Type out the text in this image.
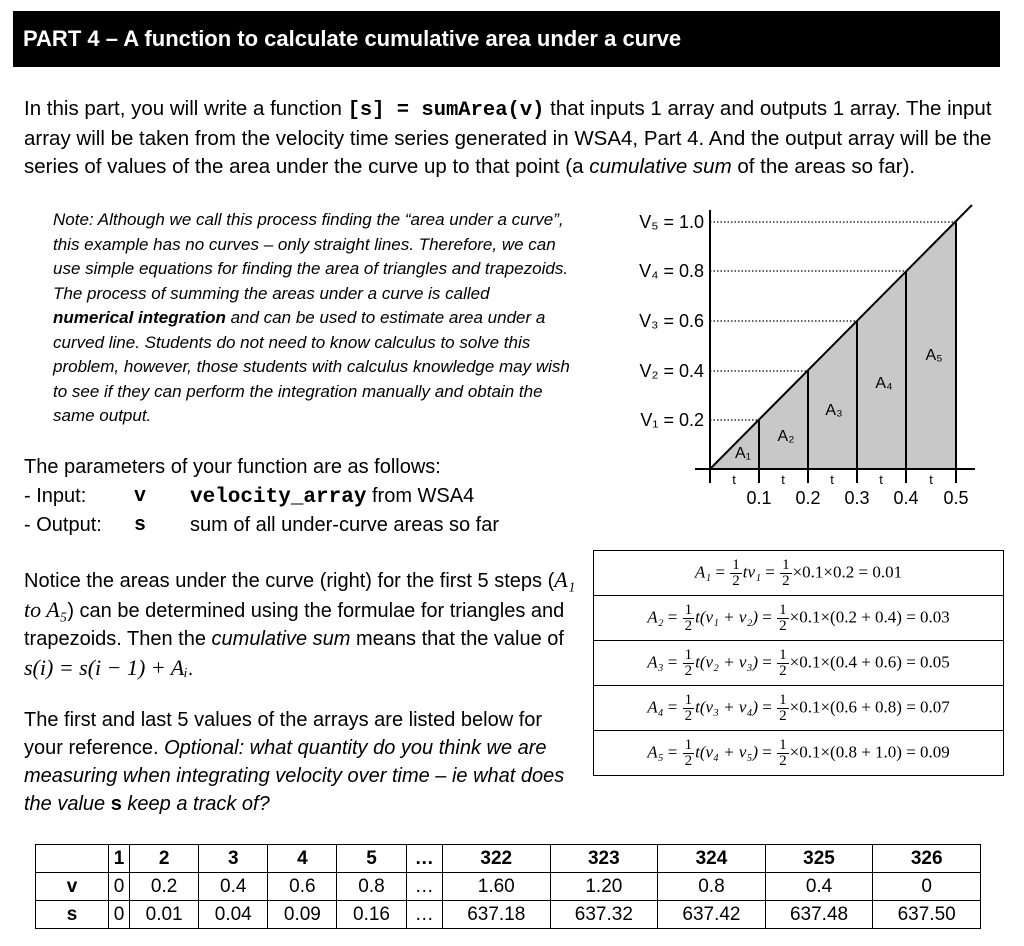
PART 4 – A function to calculate cumulative area under a curve
In this part, you will write a function [s] = sumArea(v) that inputs 1 array and outputs 1 array. The input array will be taken from the velocity time series generated in WSA4, Part 4. And the output array will be the series of values of the area under the curve up to that point (a cumulative sum of the areas so far).
Note: Although we call this process finding the “area under a curve”, this example has no curves – only straight lines. Therefore, we can use simple equations for finding the area of triangles and trapezoids. The process of summing the areas under a curve is called numerical integration and can be used to estimate area under a curved line. Students do not need to know calculus to solve this problem, however, those students with calculus knowledge may wish to see if they can perform the integration manually and obtain the same output.
The parameters of your function are as follows:
- Input: v velocity_array from WSA4
- Output: s sum of all under-curve areas so far
Notice the areas under the curve (right) for the first 5 steps (A₁ to A₅) can be determined using the formulae for triangles and trapezoids. Then the cumulative sum means that the value of s(i) = s(i − 1) + Aᵢ.
The first and last 5 values of the arrays are listed below for your reference. Optional: what quantity do you think we are measuring when integrating velocity over time – ie what does the value s keep a track of?
V₅ = 1.0
V₄ = 0.8
V₃ = 0.6
V₂ = 0.4
V₁ = 0.2
A₁
A₂
A₃
A₄
A₅
t	t	t	t	t
0.1 0.2 0.3 0.4 0.5
$A_1 = \frac{1}{2} tv_1 = \frac{1}{2} \times 0.1\times 0.2 = 0.01$
$A_2 = \frac{1}{2} t(v_1 + v_2) = \frac{1}{2} \times 0.1\times(0.2 + 0.4) = 0.03$
$A_3 = \frac{1}{2} t(v_2 + v_3) = \frac{1}{2} \times 0.1\times(0.4 + 0.6) = 0.05$
$A_4 = \frac{1}{2} t(v_3 + v_4) = \frac{1}{2} \times 0.1\times(0.6 + 0.8) = 0.07$
$A_5 = \frac{1}{2} t(v_4 + v_5) = \frac{1}{2} \times 0.1\times(0.8 + 1.0) = 0.09$
	1	2	3	4	5	…	322	323	324	325	326
v	0	0.2	0.4	0.6	0.8	…	1.60	1.20	0.8	0.4	0
s	0	0.01	0.04	0.09	0.16	…	637.18	637.32	637.42	637.48	637.50
